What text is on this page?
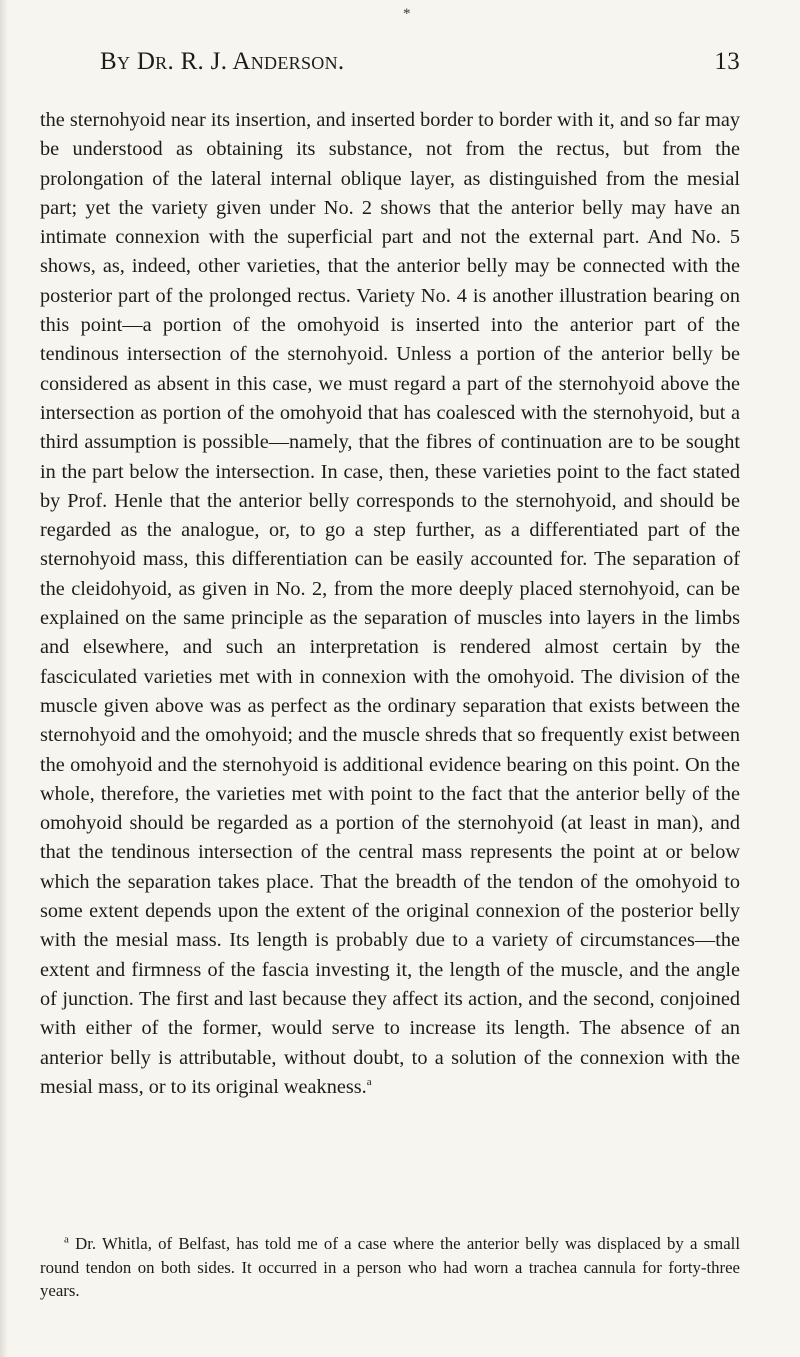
*
By Dr. R. J. Anderson.	13

the sternohyoid near its insertion, and inserted border to border with it, and so far may be understood as obtaining its substance, not from the rectus, but from the prolongation of the lateral internal oblique layer, as distinguished from the mesial part; yet the variety given under No. 2 shows that the anterior belly may have an intimate connexion with the superficial part and not the external part. And No. 5 shows, as, indeed, other varieties, that the anterior belly may be connected with the posterior part of the prolonged rectus. Variety No. 4 is another illustration bearing on this point—a portion of the omohyoid is inserted into the anterior part of the tendinous intersection of the sternohyoid. Unless a portion of the anterior belly be considered as absent in this case, we must regard a part of the sternohyoid above the intersection as portion of the omohyoid that has coalesced with the sternohyoid, but a third assumption is possible—namely, that the fibres of continuation are to be sought in the part below the intersection. In case, then, these varieties point to the fact stated by Prof. Henle that the anterior belly corresponds to the sternohyoid, and should be regarded as the analogue, or, to go a step further, as a differentiated part of the sternohyoid mass, this differentiation can be easily accounted for. The separation of the cleidohyoid, as given in No. 2, from the more deeply placed sternohyoid, can be explained on the same principle as the separation of muscles into layers in the limbs and elsewhere, and such an interpretation is rendered almost certain by the fasciculated varieties met with in connexion with the omohyoid. The division of the muscle given above was as perfect as the ordinary separation that exists between the sternohyoid and the omohyoid; and the muscle shreds that so frequently exist between the omohyoid and the sternohyoid is additional evidence bearing on this point. On the whole, therefore, the varieties met with point to the fact that the anterior belly of the omohyoid should be regarded as a portion of the sternohyoid (at least in man), and that the tendinous intersection of the central mass represents the point at or below which the separation takes place. That the breadth of the tendon of the omohyoid to some extent depends upon the extent of the original connexion of the posterior belly with the mesial mass. Its length is probably due to a variety of circumstances—the extent and firmness of the fascia investing it, the length of the muscle, and the angle of junction. The first and last because they affect its action, and the second, conjoined with either of the former, would serve to increase its length. The absence of an anterior belly is attributable, without doubt, to a solution of the connexion with the mesial mass, or to its original weakness.$^a$

$^a$ Dr. Whitla, of Belfast, has told me of a case where the anterior belly was displaced by a small round tendon on both sides. It occurred in a person who had worn a trachea cannula for forty-three years.
